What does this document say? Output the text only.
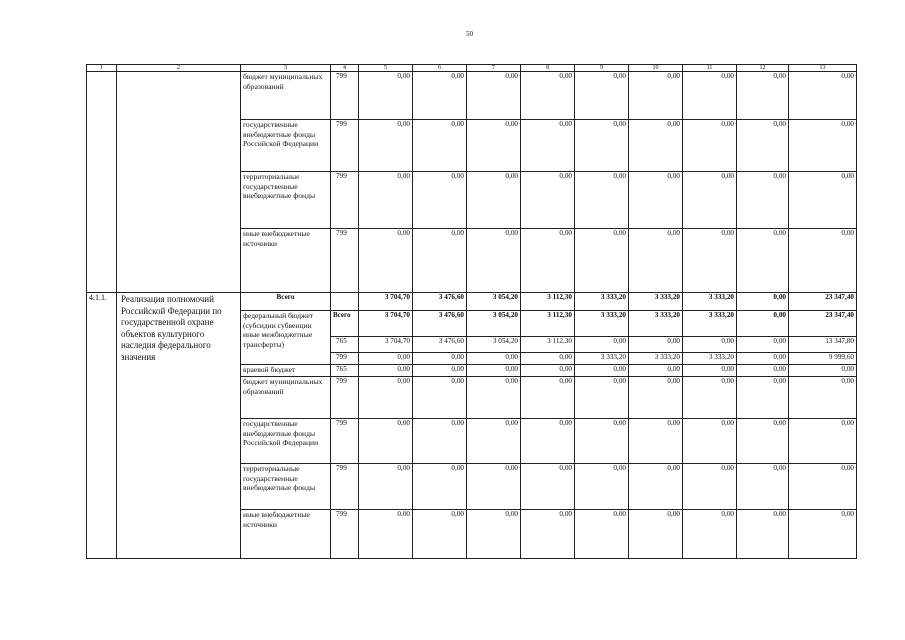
50
1	2	3	4	5	6	7	8	9	10	11	12	13
		бюджет муниципальных образований	799	0,00	0,00	0,00	0,00	0,00	0,00	0,00	0,00	0,00
		государственные внебюджетные фонды Российской Федерации	799	0,00	0,00	0,00	0,00	0,00	0,00	0,00	0,00	0,00
		территориальные государственные внебюджетные фонды	799	0,00	0,00	0,00	0,00	0,00	0,00	0,00	0,00	0,00
		иные внебюджетные источники	799	0,00	0,00	0,00	0,00	0,00	0,00	0,00	0,00	0,00
4.1.1.	Реализация полномочий Российской Федерации по государственной охране объектов культурного наследия федерального значения	Всего		3 704,70	3 476,60	3 054,20	3 112,30	3 333,20	3 333,20	3 333,20	0,00	23 347,40
		федеральный бюджет (субсидии субвенции иные межбюджетные трансферты)	Всего	3 704,70	3 476,60	3 054,20	3 112,30	3 333,20	3 333,20	3 333,20	0,00	23 347,40
			765	3 704,70	3 476,60	3 054,20	3 112,30	0,00	0,00	0,00	0,00	13 347,80
			799	0,00	0,00	0,00	0,00	3 333,20	3 333,20	3 333,20	0,00	9 999,60
		краевой бюджет	765	0,00	0,00	0,00	0,00	0,00	0,00	0,00	0,00	0,00
		бюджет муниципальных образований	799	0,00	0,00	0,00	0,00	0,00	0,00	0,00	0,00	0,00
		государственные внебюджетные фонды Российской Федерации	799	0,00	0,00	0,00	0,00	0,00	0,00	0,00	0,00	0,00
		территориальные государственные внебюджетные фонды	799	0,00	0,00	0,00	0,00	0,00	0,00	0,00	0,00	0,00
		иные внебюджетные источники	799	0,00	0,00	0,00	0,00	0,00	0,00	0,00	0,00	0,00
